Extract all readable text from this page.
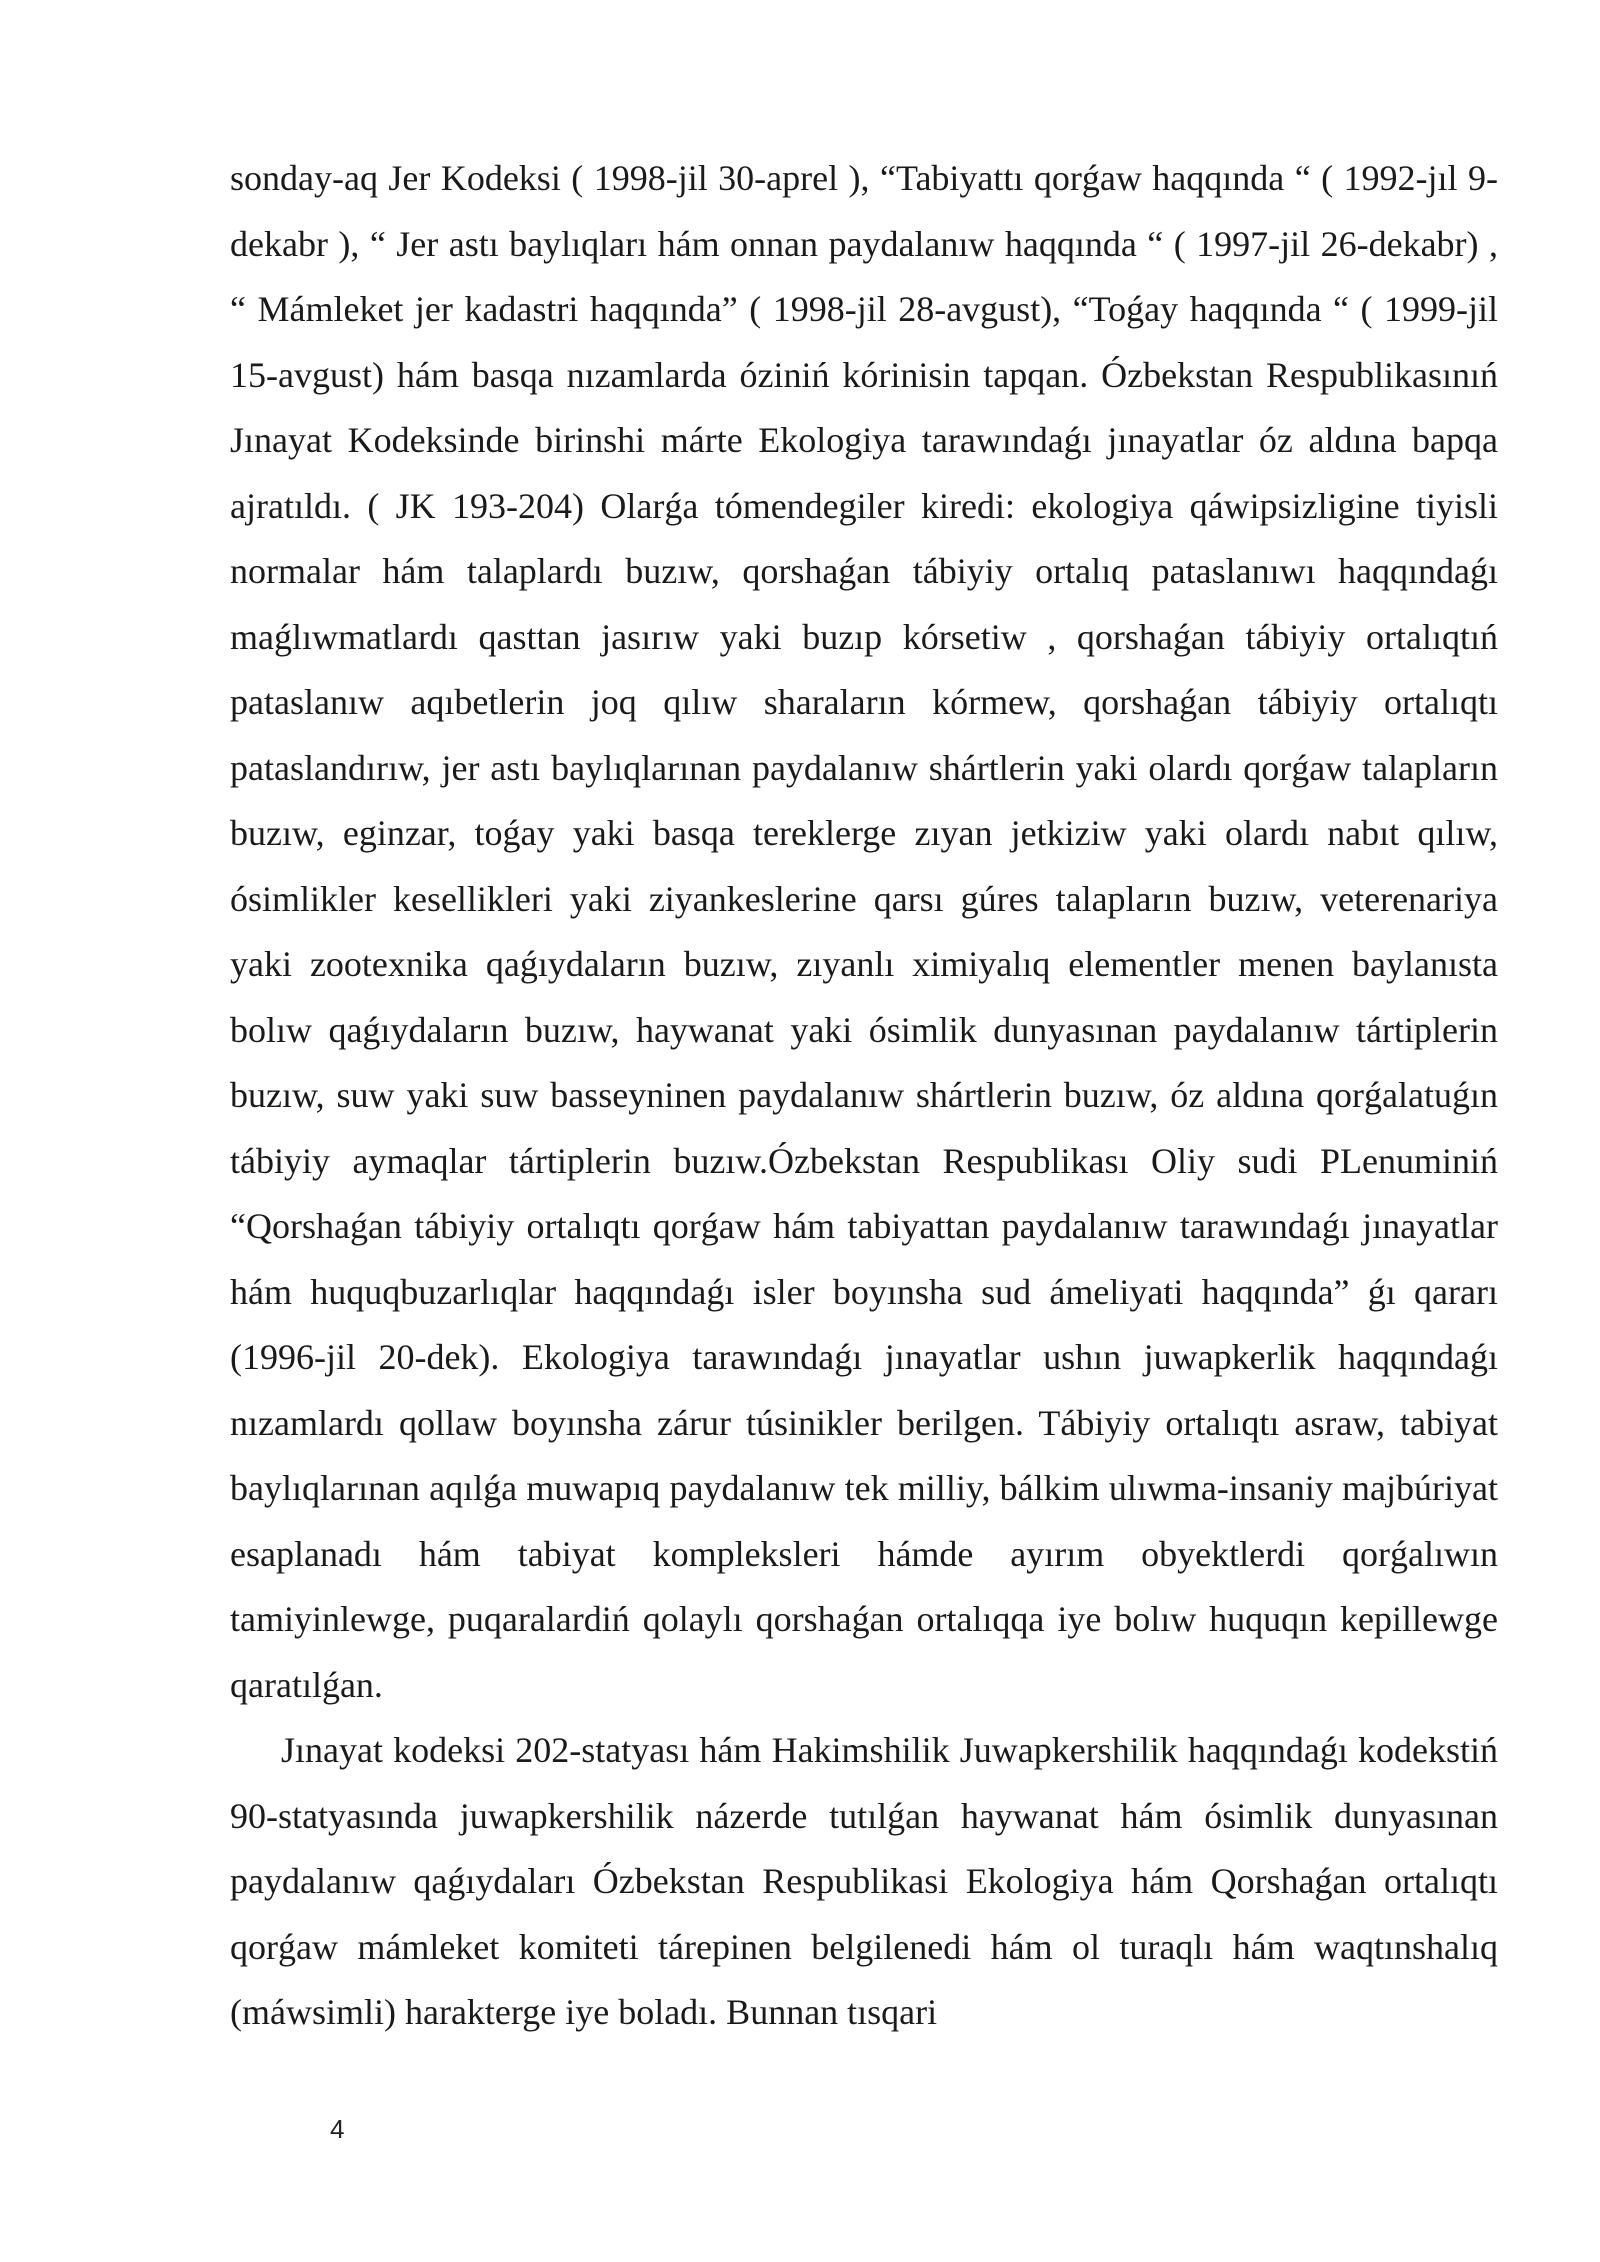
sonday-aq Jer Kodeksi ( 1998-jil 30-aprel ), “Tabiyattı qorǵaw haqqında “ ( 1992-jıl 9-dekabr ), “ Jer astı baylıqları hám onnan paydalanıw haqqında “ ( 1997-jil 26-dekabr) , “ Mámleket jer kadastri haqqında” ( 1998-jil 28-avgust), “Toǵay haqqında “ ( 1999-jil 15-avgust) hám basqa nızamlarda óziniń kórinisin tapqan. Ózbekstan Respublikasınıń Jınayat Kodeksinde birinshi márte Ekologiya tarawındaǵı jınayatlar óz aldına bapqa ajratıldı. ( JK 193-204) Olarǵa tómendegiler kiredi: ekologiya qáwipsizligine tiyisli normalar hám talaplardı buzıw, qorshaǵan tábiyiy ortalıq pataslanıwı haqqındaǵı maǵlıwmatlardı qasttan jasırıw yaki buzıp kórsetiw , qorshaǵan tábiyiy ortalıqtıń pataslanıw aqıbetlerin joq qılıw sharaların kórmew, qorshaǵan tábiyiy ortalıqtı pataslandırıw, jer astı baylıqlarınan paydalanıw shártlerin yaki olardı qorǵaw talapların buzıw, eginzar, toǵay yaki basqa tereklerge zıyan jetkiziw yaki olardı nabıt qılıw, ósimlikler kesellikleri yaki ziyankeslerine qarsı gúres talapların buzıw, veterenariya yaki zootexnika qaǵıydaların buzıw, zıyanlı ximiyalıq elementler menen baylanısta bolıw qaǵıydaların buzıw, haywanat yaki ósimlik dunyasınan paydalanıw tártiplerin buzıw, suw yaki suw basseyninen paydalanıw shártlerin buzıw, óz aldına qorǵalatuǵın tábiyiy aymaqlar tártiplerin buzıw.Ózbekstan Respublikası Oliy sudi PLenuminiń “Qorshaǵan tábiyiy ortalıqtı qorǵaw hám tabiyattan paydalanıw tarawındaǵı jınayatlar hám huquqbuzarlıqlar haqqındaǵı isler boyınsha sud ámeliyati haqqında” ǵı qararı (1996-jil 20-dek). Ekologiya tarawındaǵı jınayatlar ushın juwapkerlik haqqındaǵı nızamlardı qollaw boyınsha zárur túsinikler berilgen. Tábiyiy ortalıqtı asraw, tabiyat baylıqlarınan aqılǵa muwapıq paydalanıw tek milliy, bálkim ulıwma-insaniy majbúriyat esaplanadı hám tabiyat kompleksleri hámde ayırım obyektlerdi qorǵalıwın tamiyinlewge, puqaralardiń qolaylı qorshaǵan ortalıqqa iye bolıw huquqın kepillewge qaratılǵan.

Jınayat kodeksi 202-statyası hám Hakimshilik Juwapkershilik haqqındaǵı kodekstiń 90-statyasında juwapkershilik názerde tutılǵan haywanat hám ósimlik dunyasınan paydalanıw qaǵıydaları Ózbekstan Respublikasi Ekologiya hám Qorshaǵan ortalıqtı qorǵaw mámleket komiteti tárepinen belgilenedi hám ol turaqlı hám waqtınshalıq (máwsimli) harakterge iye boladı. Bunnan tısqari

4
